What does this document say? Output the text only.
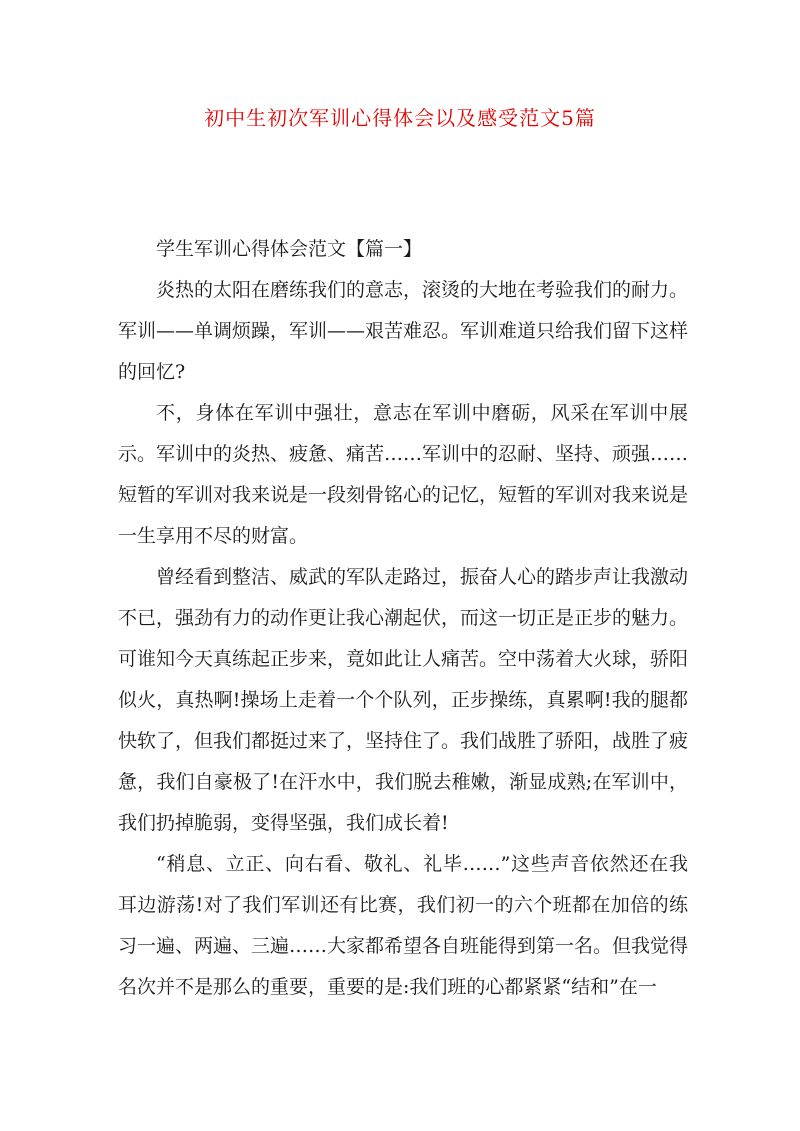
初中生初次军训心得体会以及感受范文5篇

学生军训心得体会范文【篇一】

炎热的太阳在磨练我们的意志，滚烫的大地在考验我们的耐力。军训——单调烦躁，军训——艰苦难忍。军训难道只给我们留下这样的回忆?

不，身体在军训中强壮，意志在军训中磨砺，风采在军训中展示。军训中的炎热、疲惫、痛苦……军训中的忍耐、坚持、顽强……短暂的军训对我来说是一段刻骨铭心的记忆，短暂的军训对我来说是一生享用不尽的财富。

曾经看到整洁、威武的军队走路过，振奋人心的踏步声让我激动不已，强劲有力的动作更让我心潮起伏，而这一切正是正步的魅力。可谁知今天真练起正步来，竟如此让人痛苦。空中荡着大火球，骄阳似火，真热啊!操场上走着一个个队列，正步操练，真累啊!我的腿都快软了，但我们都挺过来了，坚持住了。我们战胜了骄阳，战胜了疲惫，我们自豪极了!在汗水中，我们脱去稚嫩，渐显成熟;在军训中，我们扔掉脆弱，变得坚强，我们成长着!

“稍息、立正、向右看、敬礼、礼毕……”这些声音依然还在我耳边游荡!对了我们军训还有比赛，我们初一的六个班都在加倍的练习一遍、两遍、三遍……大家都希望各自班能得到第一名。但我觉得名次并不是那么的重要，重要的是:我们班的心都紧紧“结和”在一
